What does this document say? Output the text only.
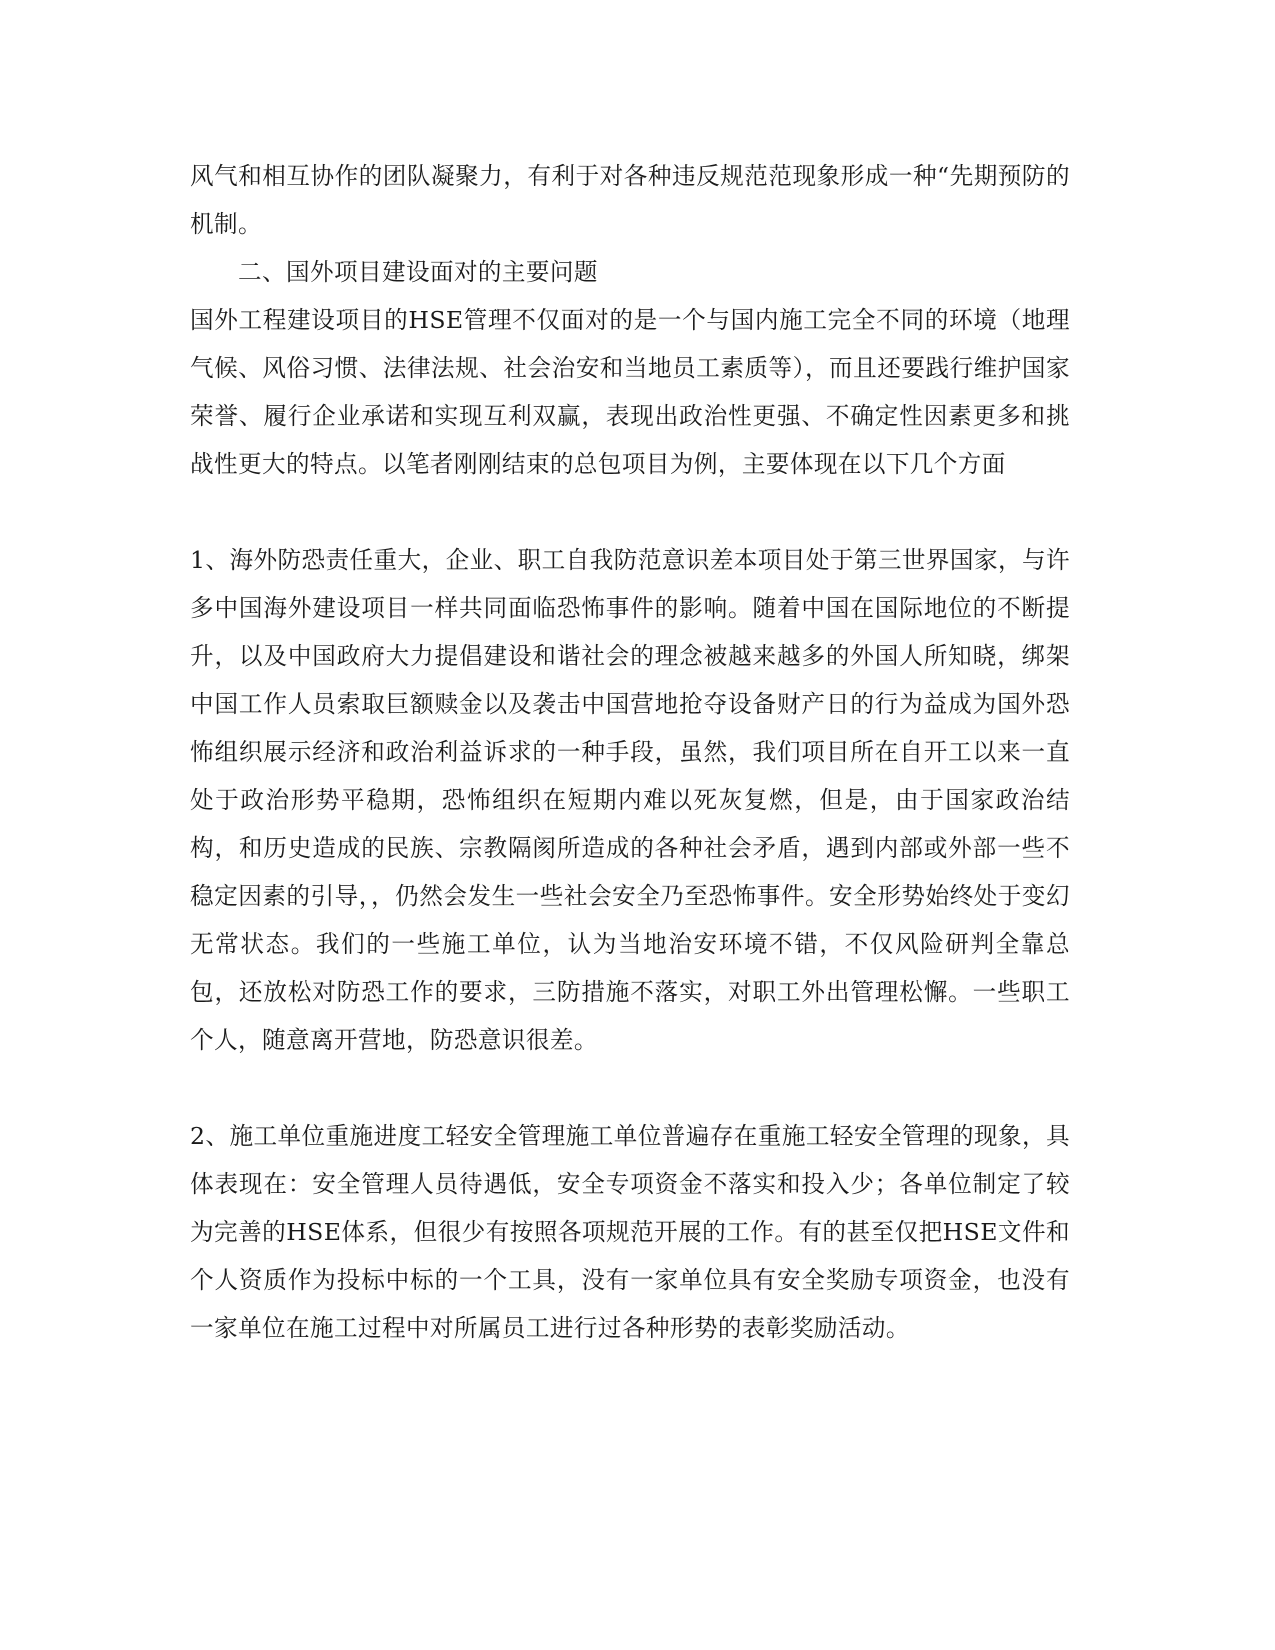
风气和相互协作的团队凝聚力，有利于对各种违反规范范现象形成一种“先期预防的机制。

二、国外项目建设面对的主要问题

国外工程建设项目的HSE管理不仅面对的是一个与国内施工完全不同的环境（地理气候、风俗习惯、法律法规、社会治安和当地员工素质等），而且还要践行维护国家荣誉、履行企业承诺和实现互利双赢，表现出政治性更强、不确定性因素更多和挑战性更大的特点。以笔者刚刚结束的总包项目为例，主要体现在以下几个方面

1、海外防恐责任重大，企业、职工自我防范意识差本项目处于第三世界国家，与许多中国海外建设项目一样共同面临恐怖事件的影响。随着中国在国际地位的不断提升，以及中国政府大力提倡建设和谐社会的理念被越来越多的外国人所知晓，绑架中国工作人员索取巨额赎金以及袭击中国营地抢夺设备财产日的行为益成为国外恐怖组织展示经济和政治利益诉求的一种手段，虽然，我们项目所在自开工以来一直处于政治形势平稳期，恐怖组织在短期内难以死灰复燃，但是，由于国家政治结构，和历史造成的民族、宗教隔阂所造成的各种社会矛盾，遇到内部或外部一些不稳定因素的引导，，仍然会发生一些社会安全乃至恐怖事件。安全形势始终处于变幻无常状态。我们的一些施工单位，认为当地治安环境不错，不仅风险研判全靠总包，还放松对防恐工作的要求，三防措施不落实，对职工外出管理松懈。一些职工个人，随意离开营地，防恐意识很差。

2、施工单位重施进度工轻安全管理施工单位普遍存在重施工轻安全管理的现象，具体表现在：安全管理人员待遇低，安全专项资金不落实和投入少；各单位制定了较为完善的HSE体系，但很少有按照各项规范开展的工作。有的甚至仅把HSE文件和个人资质作为投标中标的一个工具，没有一家单位具有安全奖励专项资金，也没有一家单位在施工过程中对所属员工进行过各种形势的表彰奖励活动。
